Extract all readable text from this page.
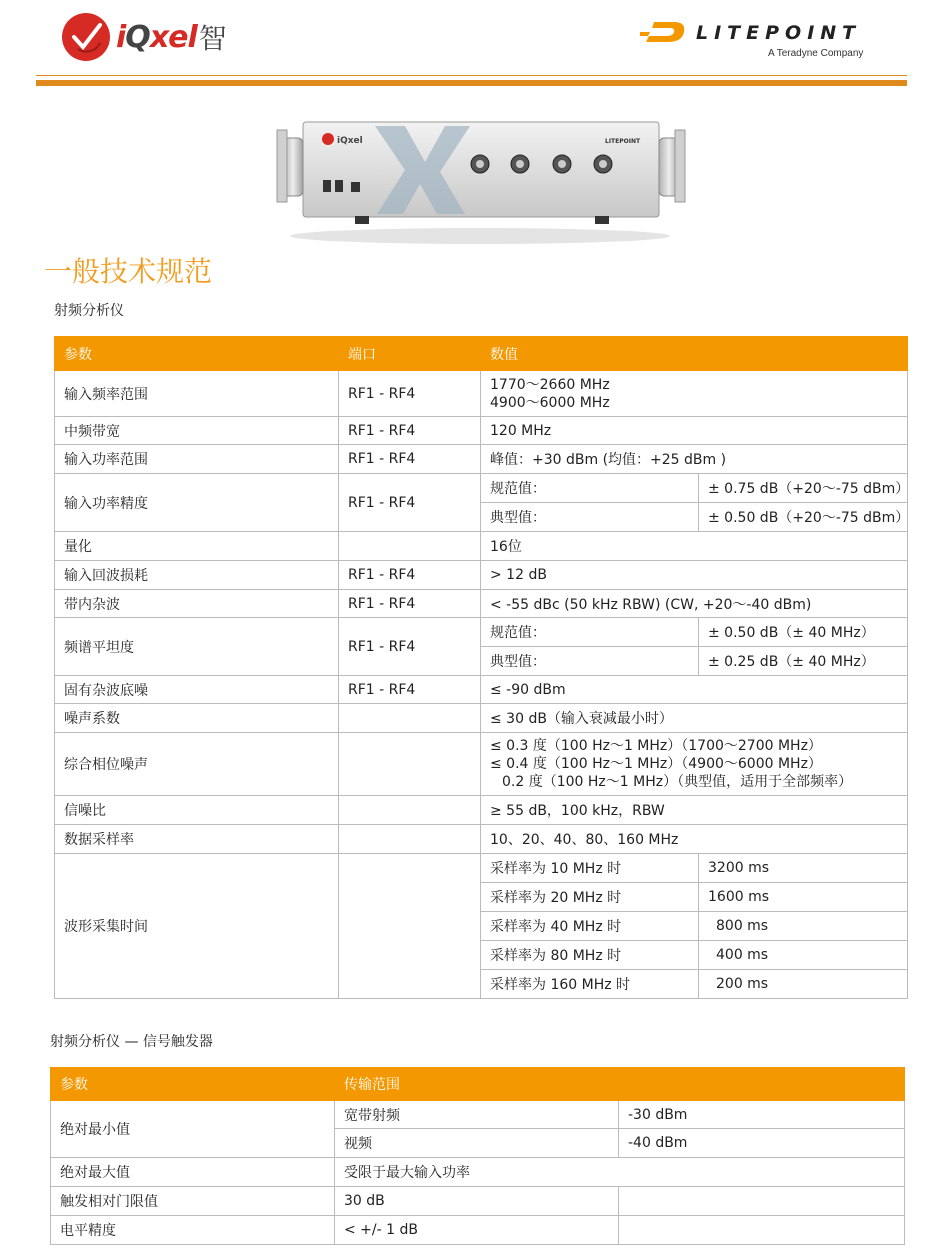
iQxel 智	LITEPOINT
A Teradyne Company
iQxel	LITEPOINT
一般技术规范
射频分析仪
参数	端口	数值	
输入频率范围	RF1 - RF4	1770～2660 MHz
4900～6000 MHz	

中频带宽	RF1 - RF4	120 MHz	
输入功率范围	RF1 - RF4	峰值：+30 dBm (均值：+25 dBm )	
输入功率精度	RF1 - RF4	规范值：	± 0.75 dB（+20～-75 dBm）
		典型值：	± 0.50 dB（+20～-75 dBm）
量化		16位	
输入回波损耗	RF1 - RF4	> 12 dB	
带内杂波	RF1 - RF4	< -55 dBc (50 kHz RBW) (CW, +20～-40 dBm)	
频谱平坦度	RF1 - RF4	规范值：	± 0.50 dB（± 40 MHz）
		典型值：	± 0.25 dB（± 40 MHz）
固有杂波底噪	RF1 - RF4	≤ -90 dBm	
噪声系数		≤ 30 dB（输入衰减最小时）	
综合相位噪声		≤ 0.3 度（100 Hz～1 MHz）（1700～2700 MHz）
≤ 0.4 度（100 Hz～1 MHz）（4900～6000 MHz）
0.2 度（100 Hz～1 MHz）（典型值，适用于全部频率）	

信噪比		≥ 55 dB，100 kHz，RBW	
数据采样率		10、20、40、80、160 MHz	
波形采集时间		采样率为 10 MHz 时	3200 ms
		采样率为 20 MHz 时	1600 ms
		采样率为 40 MHz 时	800 ms
		采样率为 80 MHz 时	400 ms
		采样率为 160 MHz 时	200 ms
射频分析仪 — 信号触发器
参数	传输范围	
绝对最小值	宽带射频	-30 dBm
	视频	-40 dBm
绝对最大值	受限于最大输入功率	
触发相对门限值	30 dB	
电平精度	< +/- 1 dB	
